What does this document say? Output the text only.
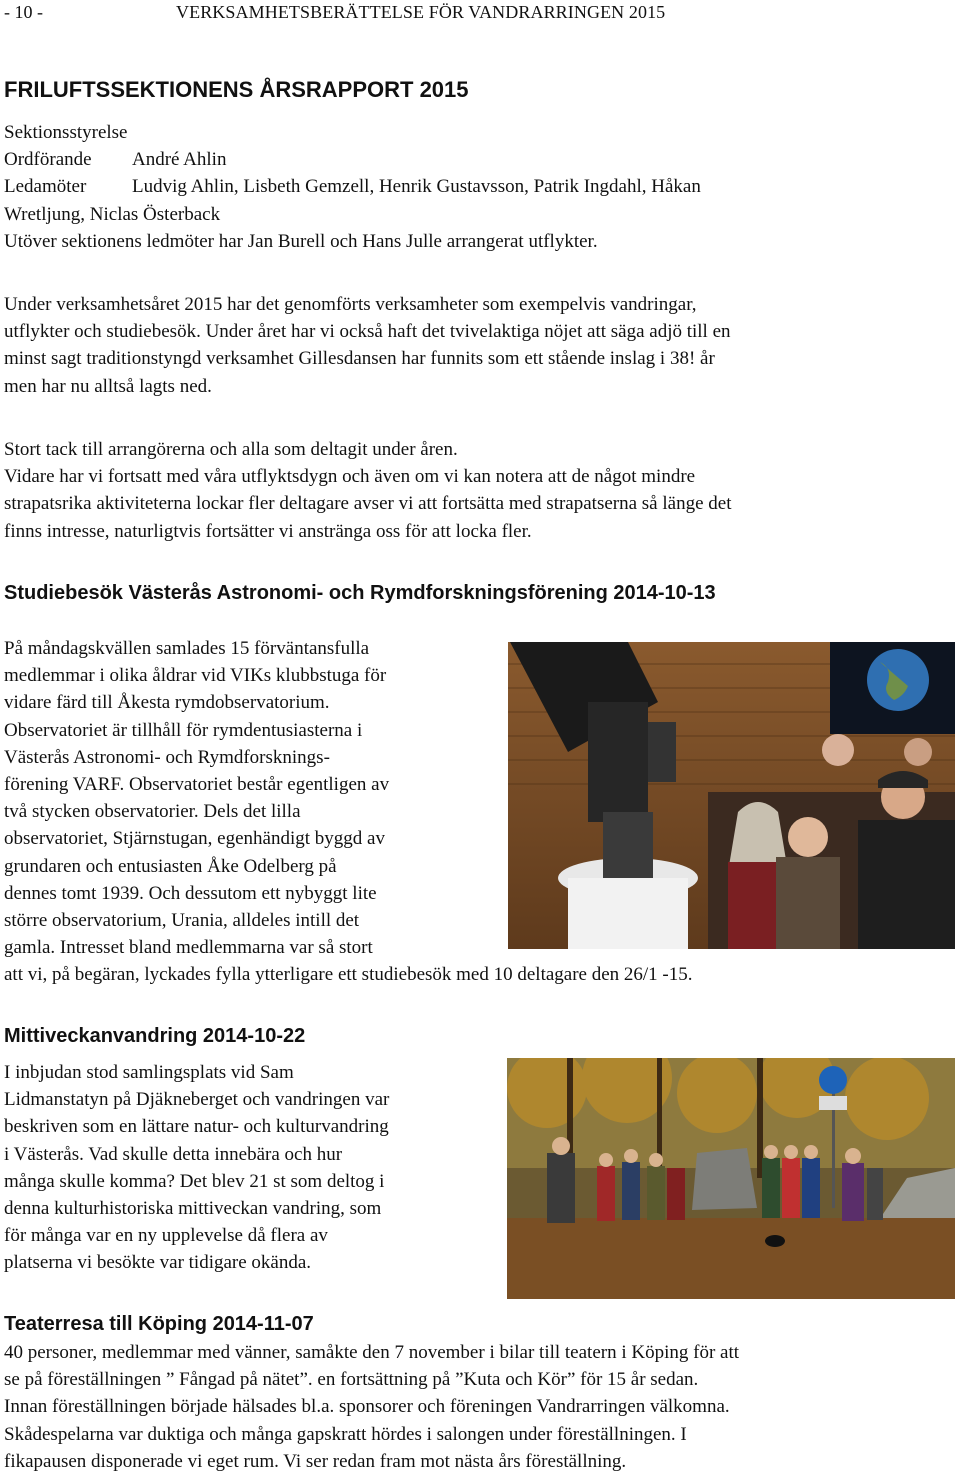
- 10 -	VERKSAMHETSBERÄTTELSE FÖR VANDRARRINGEN 2015
FRILUFTSSEKTIONENS ÅRSRAPPORT 2015

Sektionsstyrelse

Ordförande André Ahlin

Ledamöter Ludvig Ahlin, Lisbeth Gemzell, Henrik Gustavsson, Patrik Ingdahl, Håkan

Wretljung, Niclas Österback

Utöver sektionens ledmöter har Jan Burell och Hans Julle arrangerat utflykter.

Under verksamhetsåret 2015 har det genomförts verksamheter som exempelvis vandringar,

utflykter och studiebesök. Under året har vi också haft det tvivelaktiga nöjet att säga adjö till en

minst sagt traditionstyngd verksamhet Gillesdansen har funnits som ett stående inslag i 38! år

men har nu alltså lagts ned.

Stort tack till arrangörerna och alla som deltagit under åren.

Vidare har vi fortsatt med våra utflyktsdygn och även om vi kan notera att de något mindre

strapatsrika aktiviteterna lockar fler deltagare avser vi att fortsätta med strapatserna så länge det

finns intresse, naturligtvis fortsätter vi anstränga oss för att locka fler.

Studiebesök Västerås Astronomi- och Rymdforskningsförening 2014-10-13

På måndagskvällen samlades 15 förväntansfulla

medlemmar i olika åldrar vid VIKs klubbstuga för

vidare färd till Åkesta rymdobservatorium.

Observatoriet är tillhåll för rymdentusiasterna i

Västerås Astronomi- och Rymdforsknings-

förening VARF. Observatoriet består egentligen av

två stycken observatorier. Dels det lilla

observatoriet, Stjärnstugan, egenhändigt byggd av

grundaren och entusiasten Åke Odelberg på

dennes tomt 1939. Och dessutom ett nybyggt lite

större observatorium, Urania, alldeles intill det

gamla. Intresset bland medlemmarna var så stort

att vi, på begäran, lyckades fylla ytterligare ett studiebesök med 10 deltagare den 26/1 -15.

Mittiveckanvandring 2014-10-22

I inbjudan stod samlingsplats vid Sam

Lidmanstatyn på Djäkneberget och vandringen var

beskriven som en lättare natur- och kulturvandring

i Västerås. Vad skulle detta innebära och hur

många skulle komma? Det blev 21 st som deltog i

denna kulturhistoriska mittiveckan vandring, som

för många var en ny upplevelse då flera av

platserna vi besökte var tidigare okända.

Teaterresa till Köping 2014-11-07

40 personer, medlemmar med vänner, samåkte den 7 november i bilar till teatern i Köping för att

se på föreställningen ” Fångad på nätet”. en fortsättning på ”Kuta och Kör” för 15 år sedan.

Innan föreställningen började hälsades bl.a. sponsorer och föreningen Vandrarringen välkomna.

Skådespelarna var duktiga och många gapskratt hördes i salongen under föreställningen. I

fikapausen disponerade vi eget rum. Vi ser redan fram mot nästa års föreställning.
